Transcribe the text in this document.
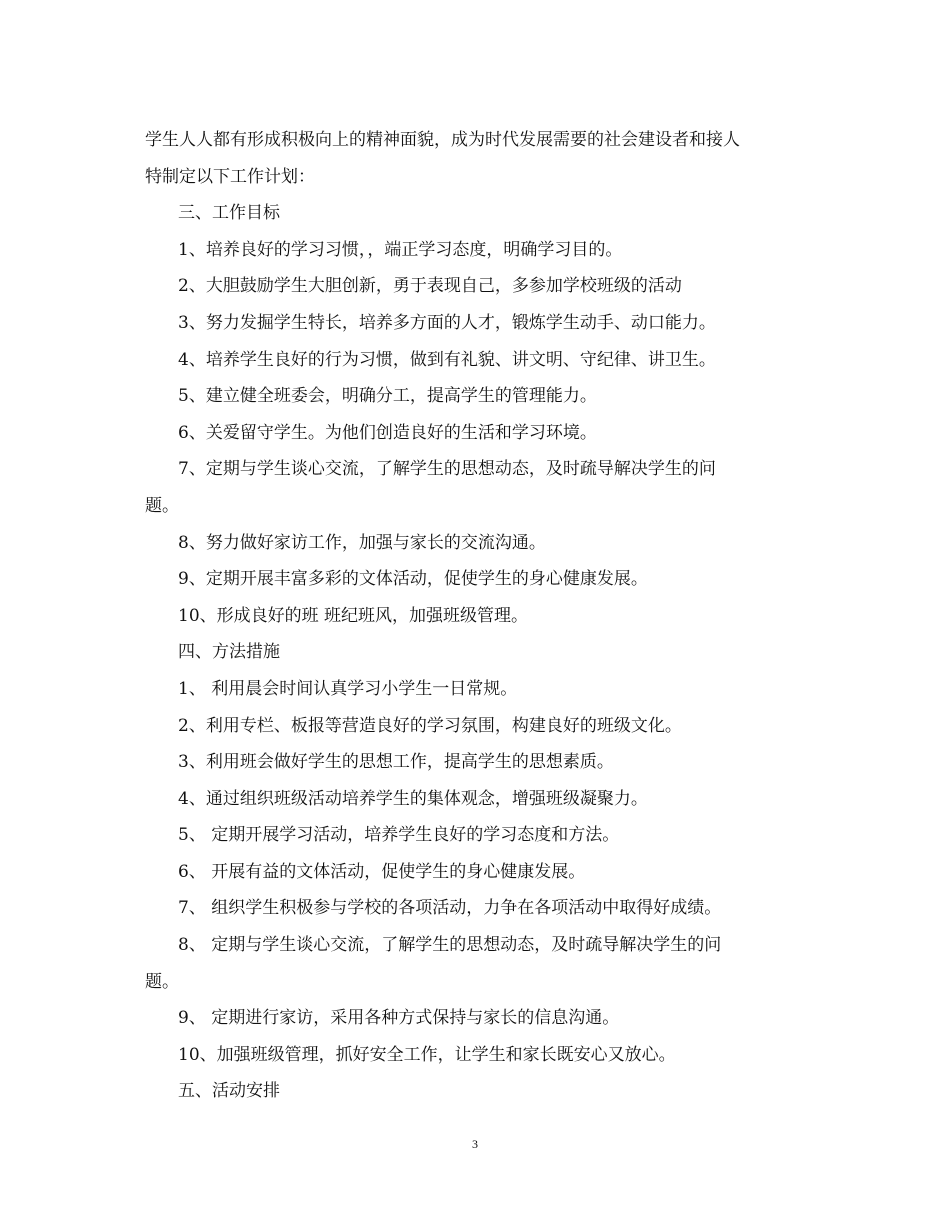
学生人人都有形成积极向上的精神面貌，成为时代发展需要的社会建设者和接人
特制定以下工作计划：
三、工作目标
1、培养良好的学习习惯，，端正学习态度，明确学习目的。
2、大胆鼓励学生大胆创新，勇于表现自己，多参加学校班级的活动
3、努力发掘学生特长，培养多方面的人才，锻炼学生动手、动口能力。
4、培养学生良好的行为习惯，做到有礼貌、讲文明、守纪律、讲卫生。
5、建立健全班委会，明确分工，提高学生的管理能力。
6、关爱留守学生。为他们创造良好的生活和学习环境。
7、定期与学生谈心交流，了解学生的思想动态，及时疏导解决学生的问
题。
8、努力做好家访工作，加强与家长的交流沟通。
9、定期开展丰富多彩的文体活动，促使学生的身心健康发展。
10、形成良好的班 班纪班风，加强班级管理。
四、方法措施
1、 利用晨会时间认真学习小学生一日常规。
2、利用专栏、板报等营造良好的学习氛围，构建良好的班级文化。
3、利用班会做好学生的思想工作，提高学生的思想素质。
4、通过组织班级活动培养学生的集体观念，增强班级凝聚力。
5、 定期开展学习活动，培养学生良好的学习态度和方法。
6、 开展有益的文体活动，促使学生的身心健康发展。
7、 组织学生积极参与学校的各项活动，力争在各项活动中取得好成绩。
8、 定期与学生谈心交流，了解学生的思想动态，及时疏导解决学生的问
题。
9、 定期进行家访，采用各种方式保持与家长的信息沟通。
10、加强班级管理，抓好安全工作，让学生和家长既安心又放心。
五、活动安排
3
